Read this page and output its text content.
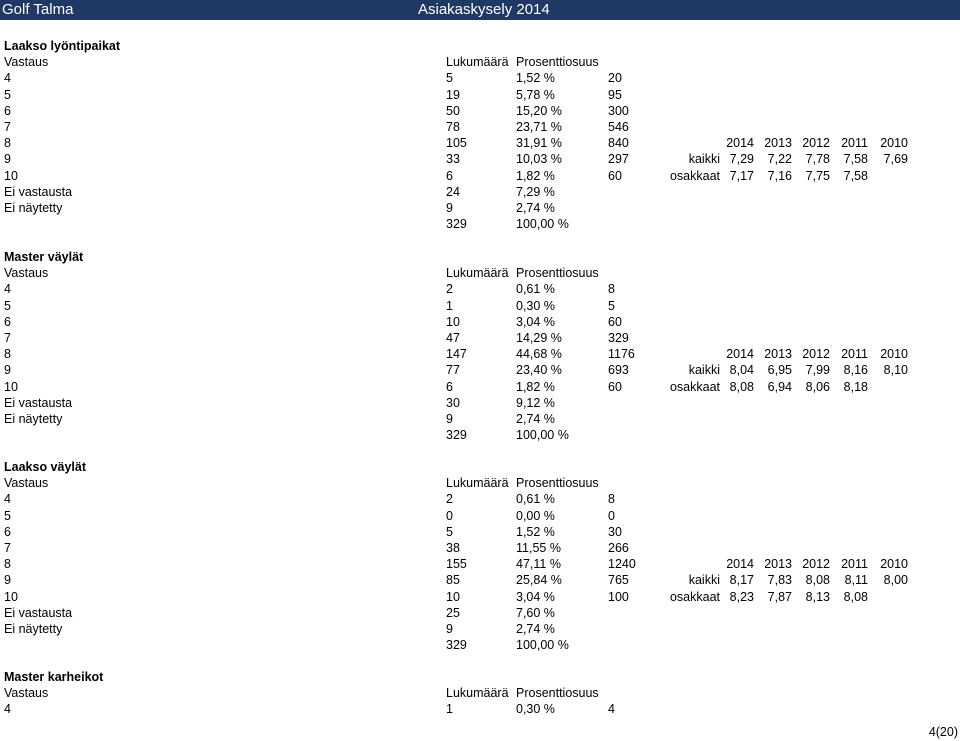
Golf Talma	Asiakaskysely 2014
Laakso lyöntipaikat
Vastaus	Lukumäärä Prosenttiosuus
4	5	1,52 %	20
5	19	5,78 %	95
6	50	15,20 %	300
7	78	23,71 %	546
8	105	31,91 %	840
9	33	10,03 %	297
10	6	1,82 %	60
Ei vastausta	24	7,29 %
Ei näytetty	9	2,74 %
329	100,00 %
2014 2013 2012 2011 2010
kaikki 7,29 7,22 7,78 7,58 7,69
osakkaat 7,17 7,16 7,75 7,58
Master väylät
Vastaus	Lukumäärä Prosenttiosuus
4	2	0,61 %	8
5	1	0,30 %	5
6	10	3,04 %	60
7	47	14,29 %	329
8	147	44,68 %	1176
9	77	23,40 %	693
10	6	1,82 %	60
Ei vastausta	30	9,12 %
Ei näytetty	9	2,74 %
329	100,00 %
2014 2013 2012 2011 2010
kaikki 8,04 6,95 7,99 8,16 8,10
osakkaat 8,08 6,94 8,06 8,18
Laakso väylät
Vastaus	Lukumäärä Prosenttiosuus
4	2	0,61 %	8
5	0	0,00 %	0
6	5	1,52 %	30
7	38	11,55 %	266
8	155	47,11 %	1240
9	85	25,84 %	765
10	10	3,04 %	100
Ei vastausta	25	7,60 %
Ei näytetty	9	2,74 %
329	100,00 %
2014 2013 2012 2011 2010
kaikki 8,17 7,83 8,08 8,11 8,00
osakkaat 8,23 7,87 8,13 8,08
Master karheikot
Vastaus	Lukumäärä Prosenttiosuus
4	1	0,30 %	4
4(20)
